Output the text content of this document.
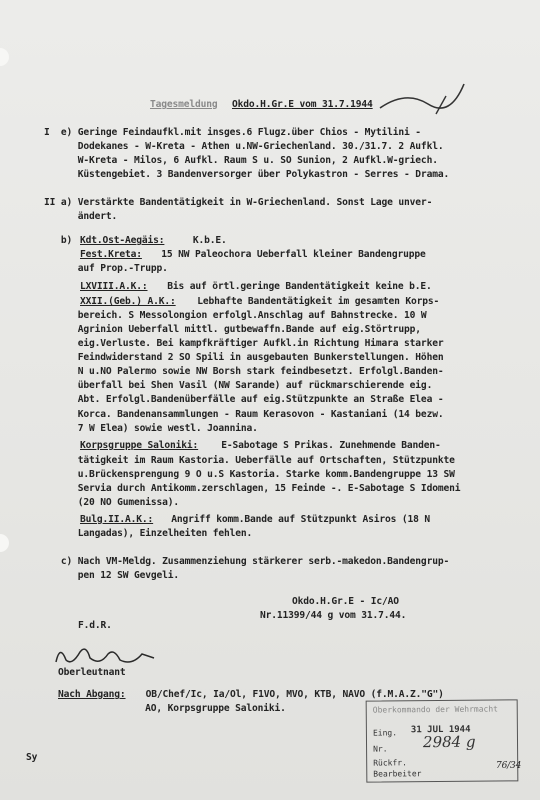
Tagesmeldung Okdo.H.Gr.E vom 31.7.1944
I  e) Geringe Feindaufkl.mit insges.6 Flugz.über Chios - Mytilini -
Dodekanes - W-Kreta - Athen u.NW-Griechenland. 30./31.7. 2 Aufkl.
W-Kreta - Milos, 6 Aufkl. Raum S u. SO Sunion, 2 Aufkl.W-griech.
Küstengebiet. 3 Bandenversorger über Polykastron - Serres - Drama.
II a) Verstärkte Bandentätigkeit in W-Griechenland. Sonst Lage unver-
ändert.
b) Kdt.Ost-Aegäis: K.b.E.
Fest.Kreta: 15 NW Paleochora Ueberfall kleiner Bandengruppe
auf Prop.-Trupp.
LXVIII.A.K.: Bis auf örtl.geringe Bandentätigkeit keine b.E.
XXII.(Geb.) A.K.: Lebhafte Bandentätigkeit im gesamten Korps-
bereich. S Messolongion erfolgl.Anschlag auf Bahnstrecke. 10 W
Agrinion Ueberfall mittl. gutbewaffn.Bande auf eig.Störtrupp,
eig.Verluste. Bei kampfkräftiger Aufkl.in Richtung Himara starker
Feindwiderstand 2 SO Spili in ausgebauten Bunkerstellungen. Höhen
N u.NO Palermo sowie NW Borsh stark feindbesetzt. Erfolgl.Banden-
überfall bei Shen Vasil (NW Sarande) auf rückmarschierende eig.
Abt. Erfolgl.Bandenüberfälle auf eig.Stützpunkte an Straße Elea -
Korca. Bandenansammlungen - Raum Kerasovon - Kastaniani (14 bezw.
7 W Elea) sowie westl. Joannina.
Korpsgruppe Saloniki: E-Sabotage S Prikas. Zunehmende Banden-
tätigkeit im Raum Kastoria. Ueberfälle auf Ortschaften, Stützpunkte
u.Brückensprengung 9 O u.S Kastoria. Starke komm.Bandengruppe 13 SW
Servia durch Antikomm.zerschlagen, 15 Feinde -. E-Sabotage S Idomeni
(20 NO Gumenissa).
Bulg.II.A.K.: Angriff komm.Bande auf Stützpunkt Asiros (18 N
Langadas), Einzelheiten fehlen.
c) Nach VM-Meldg. Zusammenziehung stärkerer serb.-makedon.Bandengrup-
pen 12 SW Gevgeli.
Okdo.H.Gr.E - Ic/AO
Nr.11399/44 g vom 31.7.44.
F.d.R.
Oberleutnant
Nach Abgang: OB/Chef/Ic, Ia/Ol, F1VO, MVO, KTB, NAVO (f.M.A.Z."G")
AO, Korpsgruppe Saloniki.	Oberkommando der Wehrmacht
Eing. 31 JUL 1944
Nr. 2984 g
Rückfr.
Bearbeiter
76/34
Sy
